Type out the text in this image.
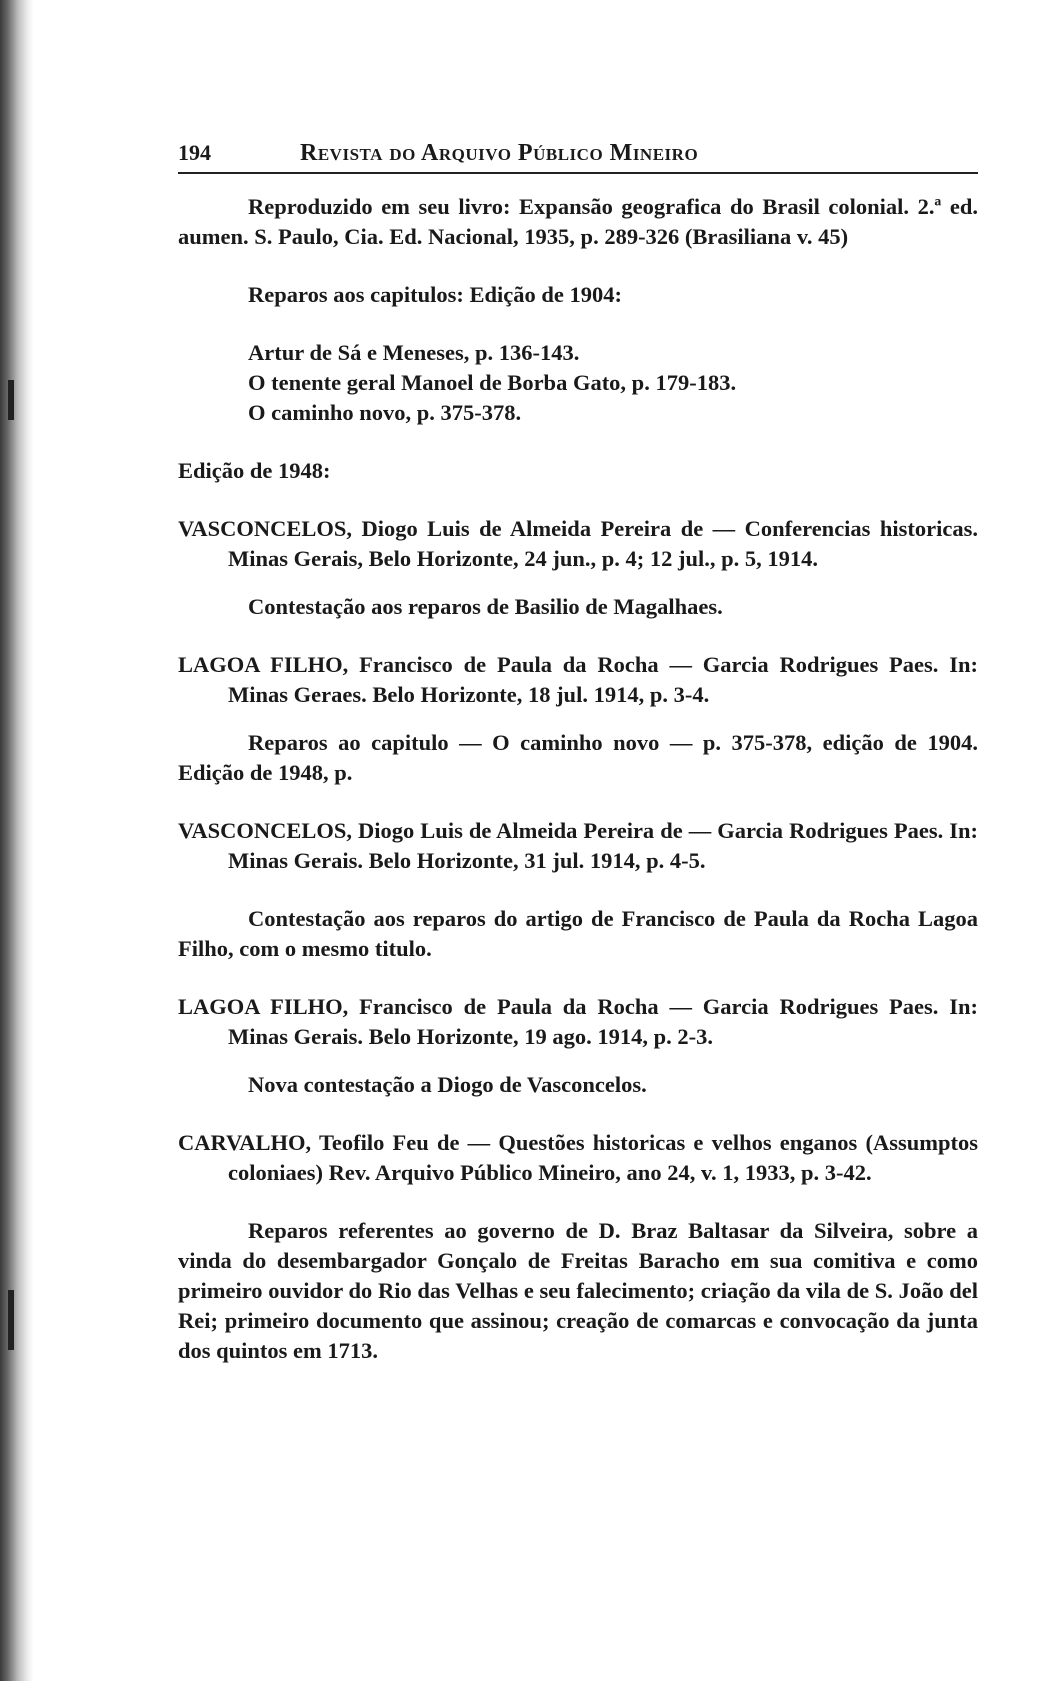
194	Revista do Arquivo Público Mineiro

Reproduzido em seu livro: Expansão geografica do Brasil colonial. 2.ª ed. aumen. S. Paulo, Cia. Ed. Nacional, 1935, p. 289-326 (Brasiliana v. 45)

Reparos aos capitulos: Edição de 1904:

Artur de Sá e Meneses, p. 136-143.
O tenente geral Manoel de Borba Gato, p. 179-183.
O caminho novo, p. 375-378.

Edição de 1948:

VASCONCELOS, Diogo Luis de Almeida Pereira de — Conferencias historicas. Minas Gerais, Belo Horizonte, 24 jun., p. 4; 12 jul., p. 5, 1914.

Contestação aos reparos de Basilio de Magalhaes.

LAGOA FILHO, Francisco de Paula da Rocha — Garcia Rodrigues Paes. In: Minas Geraes. Belo Horizonte, 18 jul. 1914, p. 3-4.

Reparos ao capitulo — O caminho novo — p. 375-378, edição de 1904. Edição de 1948, p.

VASCONCELOS, Diogo Luis de Almeida Pereira de — Garcia Rodrigues Paes. In: Minas Gerais. Belo Horizonte, 31 jul. 1914, p. 4-5.

Contestação aos reparos do artigo de Francisco de Paula da Rocha Lagoa Filho, com o mesmo titulo.

LAGOA FILHO, Francisco de Paula da Rocha — Garcia Rodrigues Paes. In: Minas Gerais. Belo Horizonte, 19 ago. 1914, p. 2-3.

Nova contestação a Diogo de Vasconcelos.

CARVALHO, Teofilo Feu de — Questões historicas e velhos enganos (Assumptos coloniaes) Rev. Arquivo Público Mineiro, ano 24, v. 1, 1933, p. 3-42.

Reparos referentes ao governo de D. Braz Baltasar da Silveira, sobre a vinda do desembargador Gonçalo de Freitas Baracho em sua comitiva e como primeiro ouvidor do Rio das Velhas e seu falecimento; criação da vila de S. João del Rei; primeiro documento que assinou; creação de comarcas e convocação da junta dos quintos em 1713.
